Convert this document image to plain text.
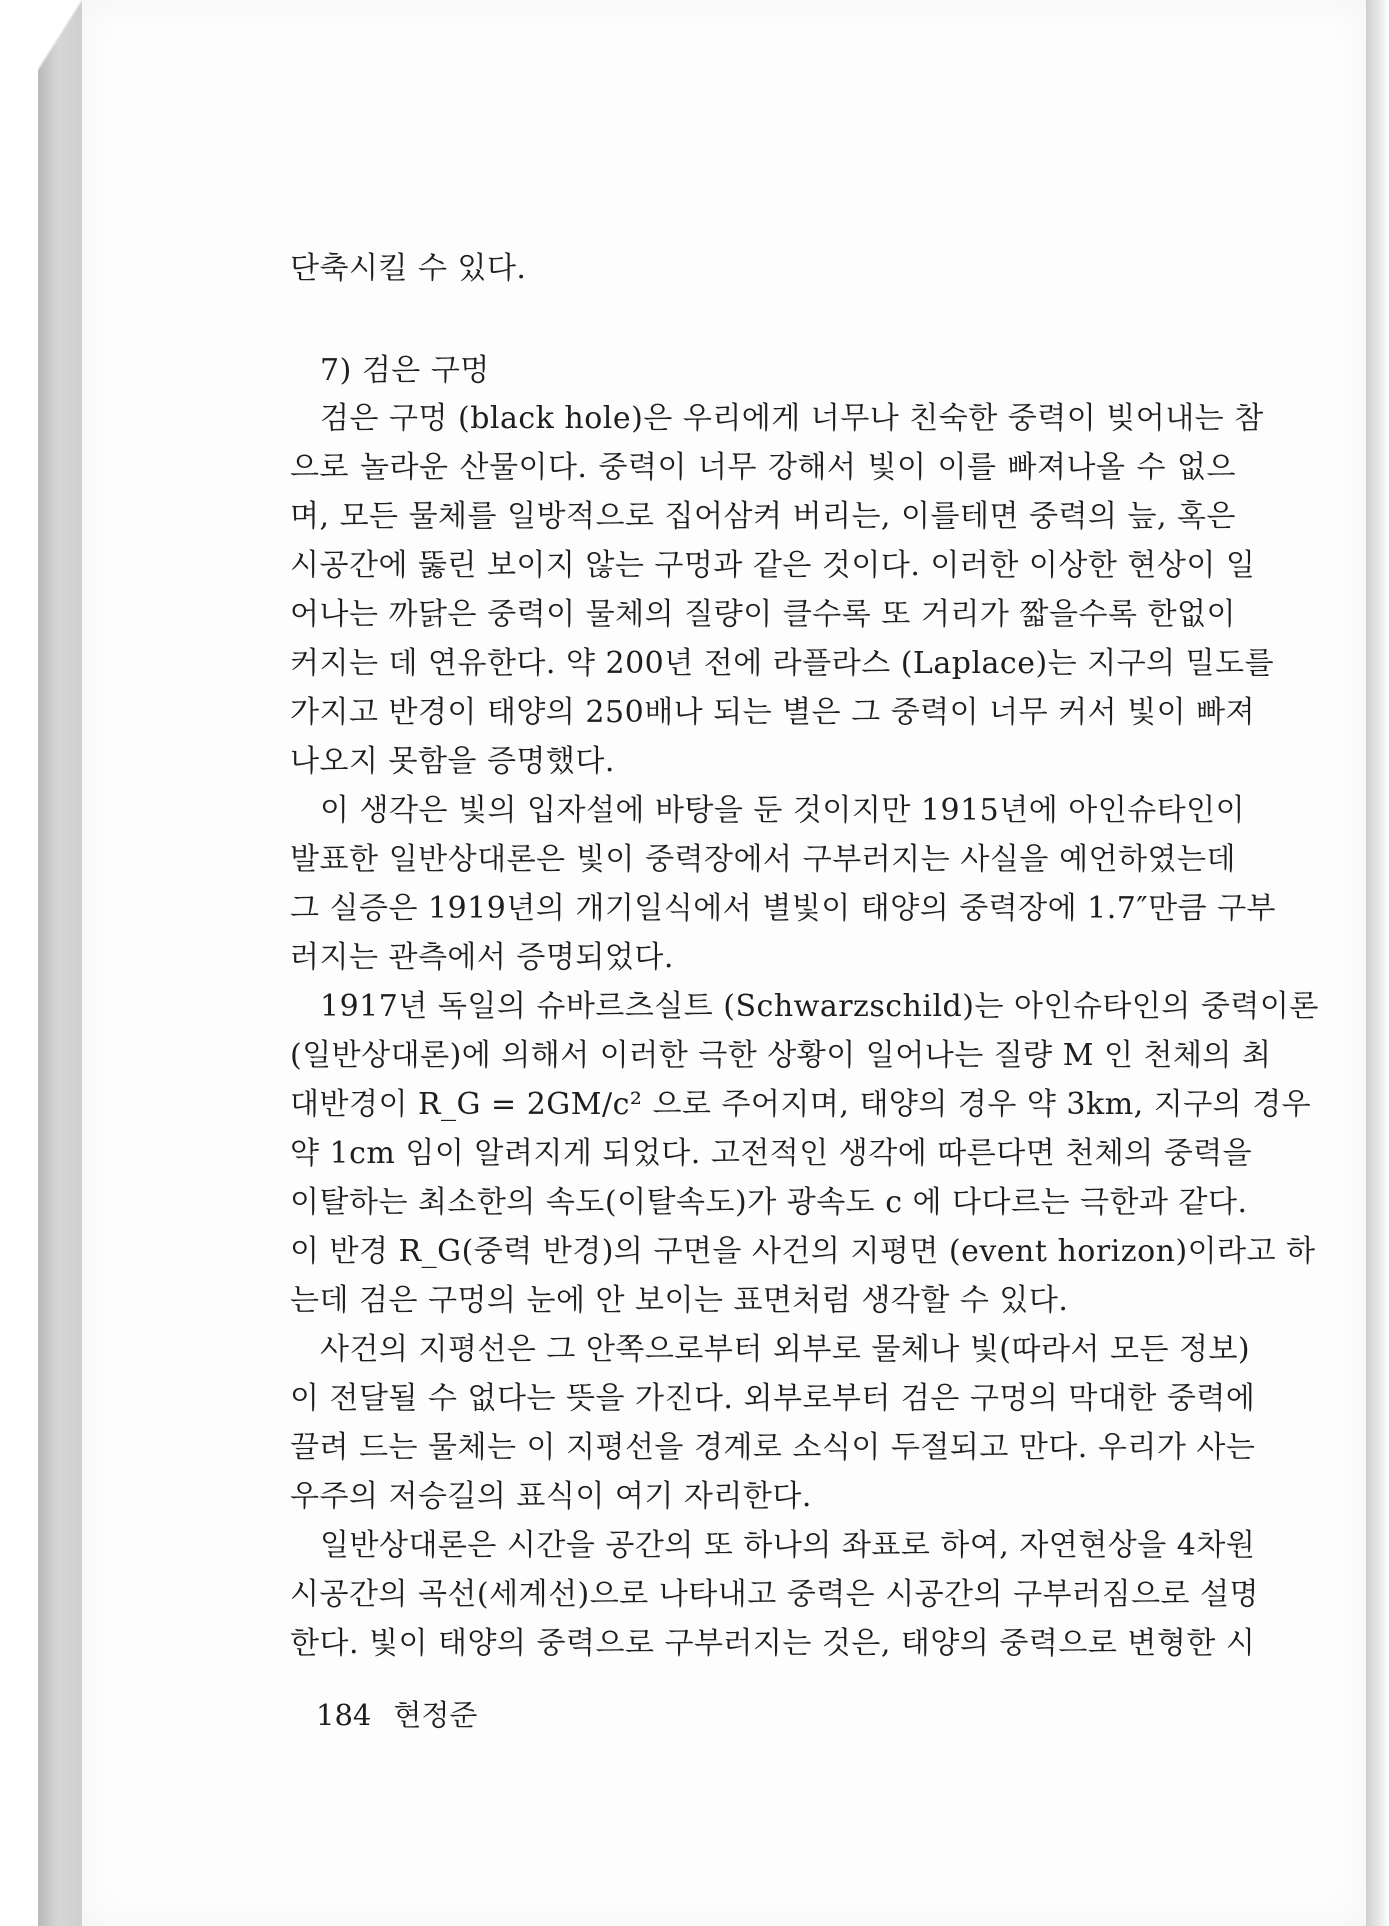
단축시킬 수 있다.
7) 검은 구멍
검은 구멍 (black hole)은 우리에게 너무나 친숙한 중력이 빚어내는 참
으로 놀라운 산물이다. 중력이 너무 강해서 빛이 이를 빠져나올 수 없으
며, 모든 물체를 일방적으로 집어삼켜 버리는, 이를테면 중력의 늪, 혹은
시공간에 뚫린 보이지 않는 구멍과 같은 것이다. 이러한 이상한 현상이 일
어나는 까닭은 중력이 물체의 질량이 클수록 또 거리가 짧을수록 한없이
커지는 데 연유한다. 약 200년 전에 라플라스 (Laplace)는 지구의 밀도를
가지고 반경이 태양의 250배나 되는 별은 그 중력이 너무 커서 빛이 빠져
나오지 못함을 증명했다.
이 생각은 빛의 입자설에 바탕을 둔 것이지만 1915년에 아인슈타인이
발표한 일반상대론은 빛이 중력장에서 구부러지는 사실을 예언하였는데
그 실증은 1919년의 개기일식에서 별빛이 태양의 중력장에 1.7″만큼 구부
러지는 관측에서 증명되었다.
1917년 독일의 슈바르츠실트 (Schwarzschild)는 아인슈타인의 중력이론
(일반상대론)에 의해서 이러한 극한 상황이 일어나는 질량 M 인 천체의 최
대반경이 R_G = 2GM/c² 으로 주어지며, 태양의 경우 약 3km, 지구의 경우
약 1cm 임이 알려지게 되었다. 고전적인 생각에 따른다면 천체의 중력을
이탈하는 최소한의 속도(이탈속도)가 광속도 c 에 다다르는 극한과 같다.
이 반경 R_G(중력 반경)의 구면을 사건의 지평면 (event horizon)이라고 하
는데 검은 구멍의 눈에 안 보이는 표면처럼 생각할 수 있다.
사건의 지평선은 그 안쪽으로부터 외부로 물체나 빛(따라서 모든 정보)
이 전달될 수 없다는 뜻을 가진다. 외부로부터 검은 구멍의 막대한 중력에
끌려 드는 물체는 이 지평선을 경계로 소식이 두절되고 만다. 우리가 사는
우주의 저승길의 표식이 여기 자리한다.
일반상대론은 시간을 공간의 또 하나의 좌표로 하여, 자연현상을 4차원
시공간의 곡선(세계선)으로 나타내고 중력은 시공간의 구부러짐으로 설명
한다. 빛이 태양의 중력으로 구부러지는 것은, 태양의 중력으로 변형한 시
184 현정준
